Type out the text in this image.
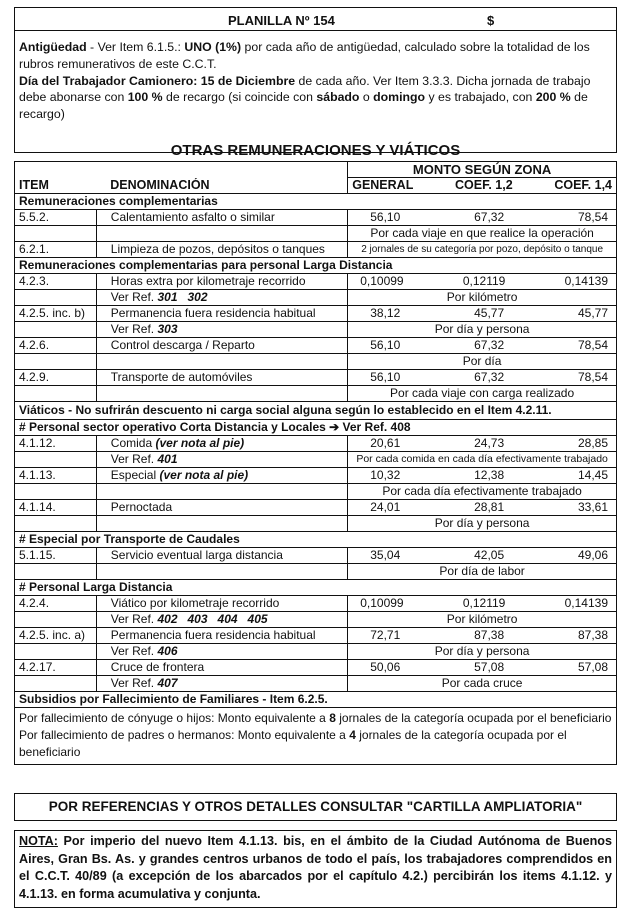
PLANILLA Nº 154	$

Antigüedad - Ver Item 6.1.5.: UNO (1%) por cada año de antigüedad, calculado sobre la totalidad de los rubros remunerativos de este C.C.T.

Día del Trabajador Camionero: 15 de Diciembre de cada año. Ver Item 3.3.3. Dicha jornada de trabajo debe abonarse con 100 % de recargo (si coincide con sábado o domingo y es trabajado, con 200 % de recargo)

OTRAS REMUNERACIONES Y VIÁTICOS
		MONTO SEGÚN ZONA
ITEM	DENOMINACIÓN	GENERAL COEF. 1,2 COEF. 1,4

Remuneraciones complementarias		
5.5.2.	Calentamiento asfalto o similar	56,10 67,32 78,54

		Por cada viaje en que realice la operación
6.2.1.	Limpieza de pozos, depósitos o tanques	2 jornales de su categoría por pozo, depósito o tanque
Remuneraciones complementarias para personal Larga Distancia		
4.2.3.	Horas extra por kilometraje recorrido	0,10099 0,12119 0,14139

	Ver Ref. 301   302	Por kilómetro
4.2.5. inc. b)	Permanencia fuera residencia habitual	38,12 45,77 45,77

	Ver Ref. 303	Por día y persona
4.2.6.	Control descarga / Reparto	56,10 67,32 78,54

		Por día
4.2.9.	Transporte de automóviles	56,10 67,32 78,54

		Por cada viaje con carga realizado
Viáticos - No sufrirán descuento ni carga social alguna según lo establecido en el Item 4.2.11.		
# Personal sector operativo Corta Distancia y Locales ➔ Ver Ref. 408		
4.1.12.	Comida (ver nota al pie)	20,61 24,73 28,85

	Ver Ref. 401	Por cada comida en cada día efectivamente trabajado
4.1.13.	Especial (ver nota al pie)	10,32 12,38 14,45

		Por cada día efectivamente trabajado
4.1.14.	Pernoctada	24,01 28,81 33,61

		Por día y persona
# Especial por Transporte de Caudales		
5.1.15.	Servicio eventual larga distancia	35,04 42,05 49,06

		Por día de labor
# Personal Larga Distancia		
4.2.4.	Viático por kilometraje recorrido	0,10099 0,12119 0,14139

	Ver Ref. 402   403   404   405	Por kilómetro
4.2.5. inc. a)	Permanencia fuera residencia habitual	72,71 87,38 87,38

	Ver Ref. 406	Por día y persona
4.2.17.	Cruce de frontera	50,06 57,08 57,08

	Ver Ref. 407	Por cada cruce
Subsidios por Fallecimiento de Familiares - Item 6.2.5.		

Por fallecimiento de cónyuge o hijos: Monto equivalente a 8 jornales de la categoría ocupada por el beneficiario
Por fallecimiento de padres o hermanos: Monto equivalente a 4 jornales de la categoría ocupada por el beneficiario		
POR REFERENCIAS Y OTROS DETALLES CONSULTAR "CARTILLA AMPLIATORIA"
NOTA: Por imperio del nuevo Item 4.1.13. bis, en el ámbito de la Ciudad Autónoma de Buenos Aires, Gran Bs. As. y grandes centros urbanos de todo el país, los trabajadores comprendidos en el C.C.T. 40/89 (a excepción de los abarcados por el capítulo 4.2.) percibirán los items 4.1.12. y 4.1.13. en forma acumulativa y conjunta.
